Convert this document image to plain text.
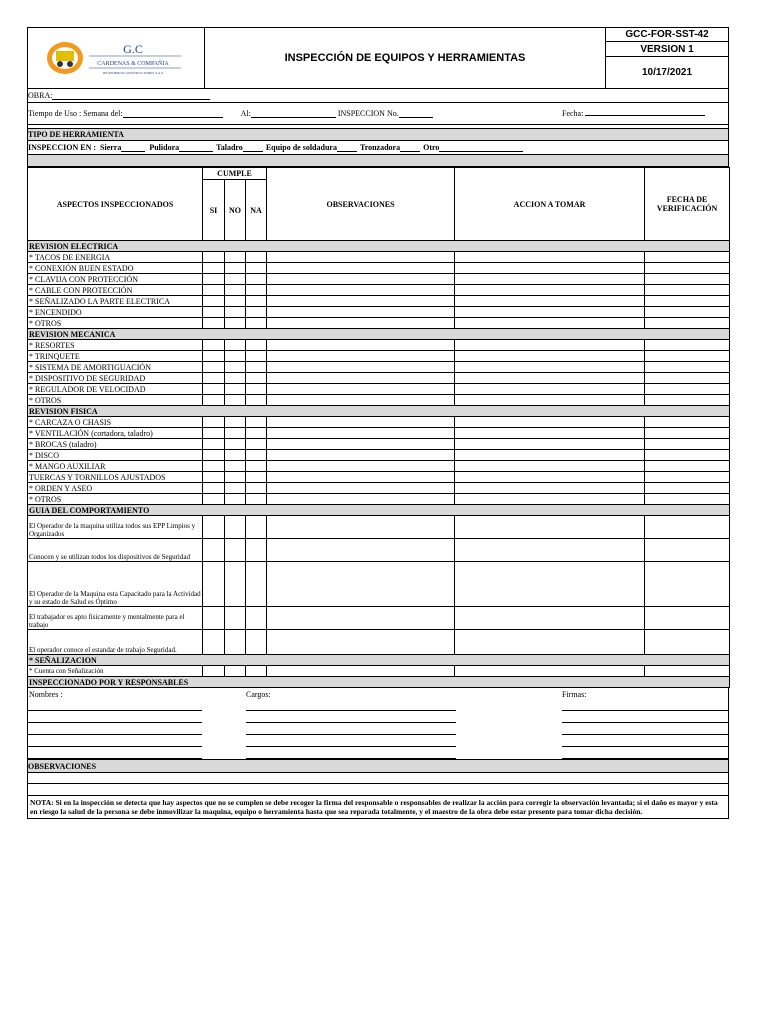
G.C
CARDENAS & COMPAÑIA
INGENIEROS CONSTRUCTORES S.A.S
INSPECCIÓN DE EQUIPOS Y HERRAMIENTAS
GCC-FOR-SST-42
VERSION 1
10/17/2021
OBRA:
Tiempo de Uso : Semana del:	Al:	INSPECCION No.	Fecha:
TIPO DE HERRAMIENTA
INSPECCION EN : Sierra	Pulidora	Taladro	Equipo de soldadura	Tronzadora	Otro
ASPECTOS INSPECCIONADOS	CUMPLE			OBSERVACIONES	ACCION A TOMAR	FECHA DE VERIFICACIÓN
	SI	NO	NA			
REVISION ELECTRICA						
* TACOS DE ENERGIA						
* CONEXIÓN BUEN ESTADO						
* CLAVIJA CON PROTECCIÓN						
* CABLE CON PROTECCIÓN						
* SEÑALIZADO LA PARTE ELECTRICA						
* ENCENDIDO						
* OTROS						
REVISION MECANICA						
* RESORTES						
* TRINQUETE						
* SISTEMA DE AMORTIGUACIÓN						
* DISPOSITIVO DE SEGURIDAD						
* REGULADOR DE VELOCIDAD						
* OTROS						
REVISION FISICA						
* CARCAZA O CHASIS						
* VENTILACIÓN (cortadora, taladro)						
* BROCAS (taladro)						
* DISCO						
* MANGO AUXILIAR						
TUERCAS Y TORNILLOS AJUSTADOS						
* ORDEN Y ASEO						
* OTROS						
GUIA DEL COMPORTAMIENTO						
El Operador de la maquina utiliza todos sus EPP Limpios y Organizados						
Conocen y se utilizan todos los dispositivos de Seguridad						
El Operador de la Maquina esta Capacitado para la Actividad y su estado de Salud es Óptimo						
El trabajador es apto físicamente y mentalmente para el trabajo						
El operador conoce el estandar de trabajo Seguridad.						
* SEÑALIZACION						
* Cuenta con Señalización						
INSPECCIONADO POR Y RESPONSABLES						
Nombres :	Cargos:	Firmas:
OBSERVACIONES
NOTA: Si en la inspección se detecta que hay aspectos que no se cumplen se debe recoger la firma del responsable o responsables de realizar la acción para corregir la observación levantada; si el daño es mayor y esta en riesgo la salud de la persona se debe inmovilizar la maquina, equipo o herramienta hasta que sea reparada totalmente, y el maestro de la obra debe estar presente para tomar dicha decisión.
